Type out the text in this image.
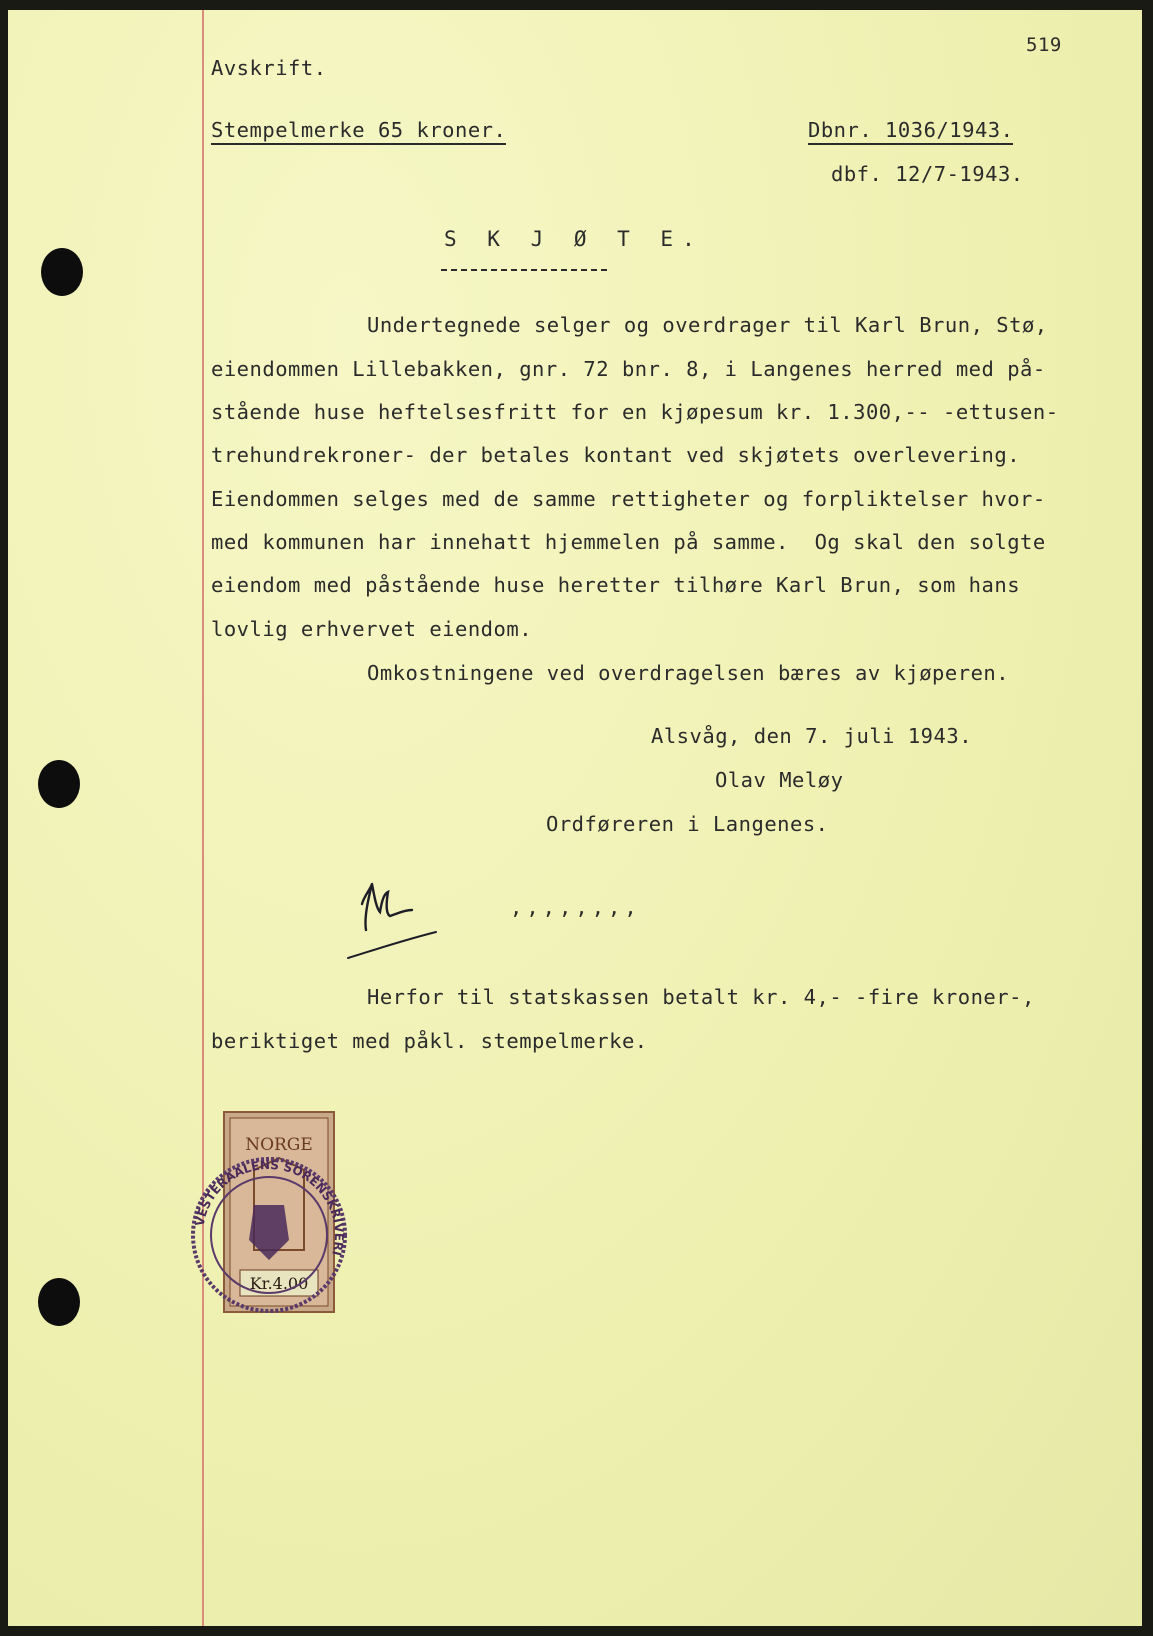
519
Avskrift.
Stempelmerke 65 kroner.	Dbnr. 1036/1943.
dbf. 12/7-1943.
S K J Ø T E.
Undertegnede selger og overdrager til Karl Brun, Stø,
eiendommen Lillebakken, gnr. 72 bnr. 8, i Langenes herred med på-
stående huse heftelsesfritt for en kjøpesum kr. 1.300,-- -ettusen-
trehundrekroner- der betales kontant ved skjøtets overlevering.
Eiendommen selges med de samme rettigheter og forpliktelser hvor-
med kommunen har innehatt hjemmelen på samme.  Og skal den solgte
eiendom med påstående huse heretter tilhøre Karl Brun, som hans
lovlig erhvervet eiendom.
Omkostningene ved overdragelsen bæres av kjøperen.
Alsvåg, den 7. juli 1943.
Olav Meløy
Ordføreren i Langenes.
,,,,,,,,
Herfor til statskassen betalt kr. 4,- -fire kroner-,
beriktiget med påkl. stempelmerke.
NORGE
Kr.4.00
VESTERAALENS SORENSKRIVERI
